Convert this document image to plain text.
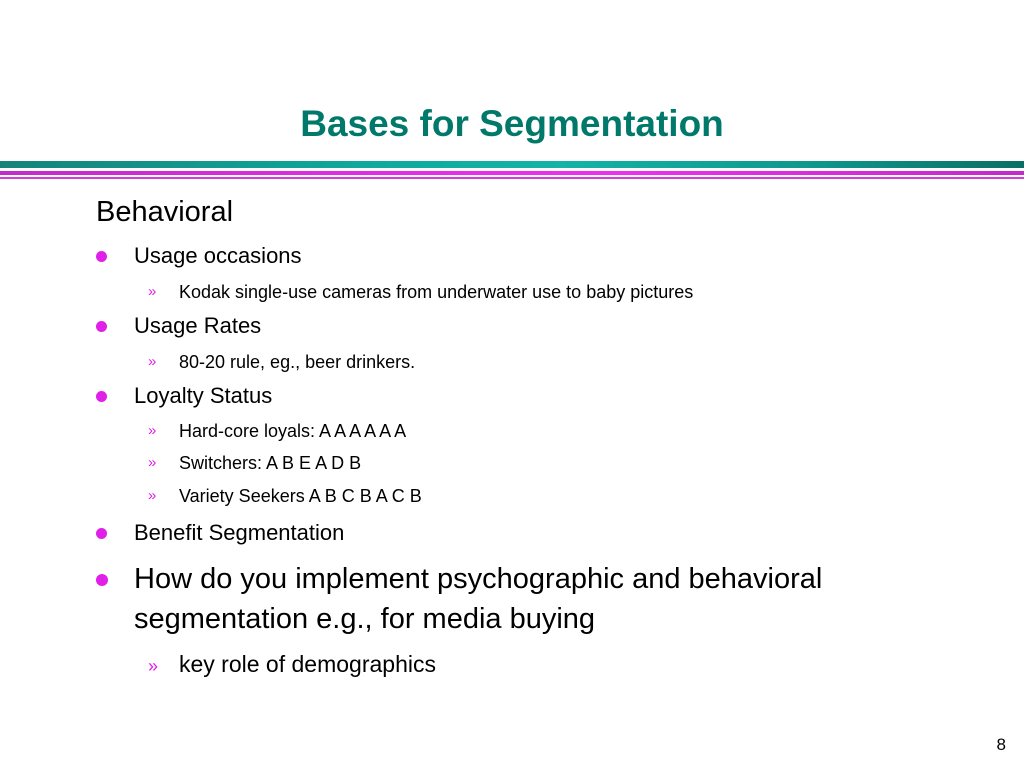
Bases for Segmentation
Behavioral
Usage occasions
» Kodak single-use cameras from underwater use to baby pictures
Usage Rates
» 80-20 rule, eg., beer drinkers.
Loyalty Status
» Hard-core loyals: A A A A A A
» Switchers: A B E A D B
» Variety Seekers A B C B A C B
Benefit Segmentation
How do you implement psychographic and behavioral segmentation e.g., for media buying
» key role of demographics
8
